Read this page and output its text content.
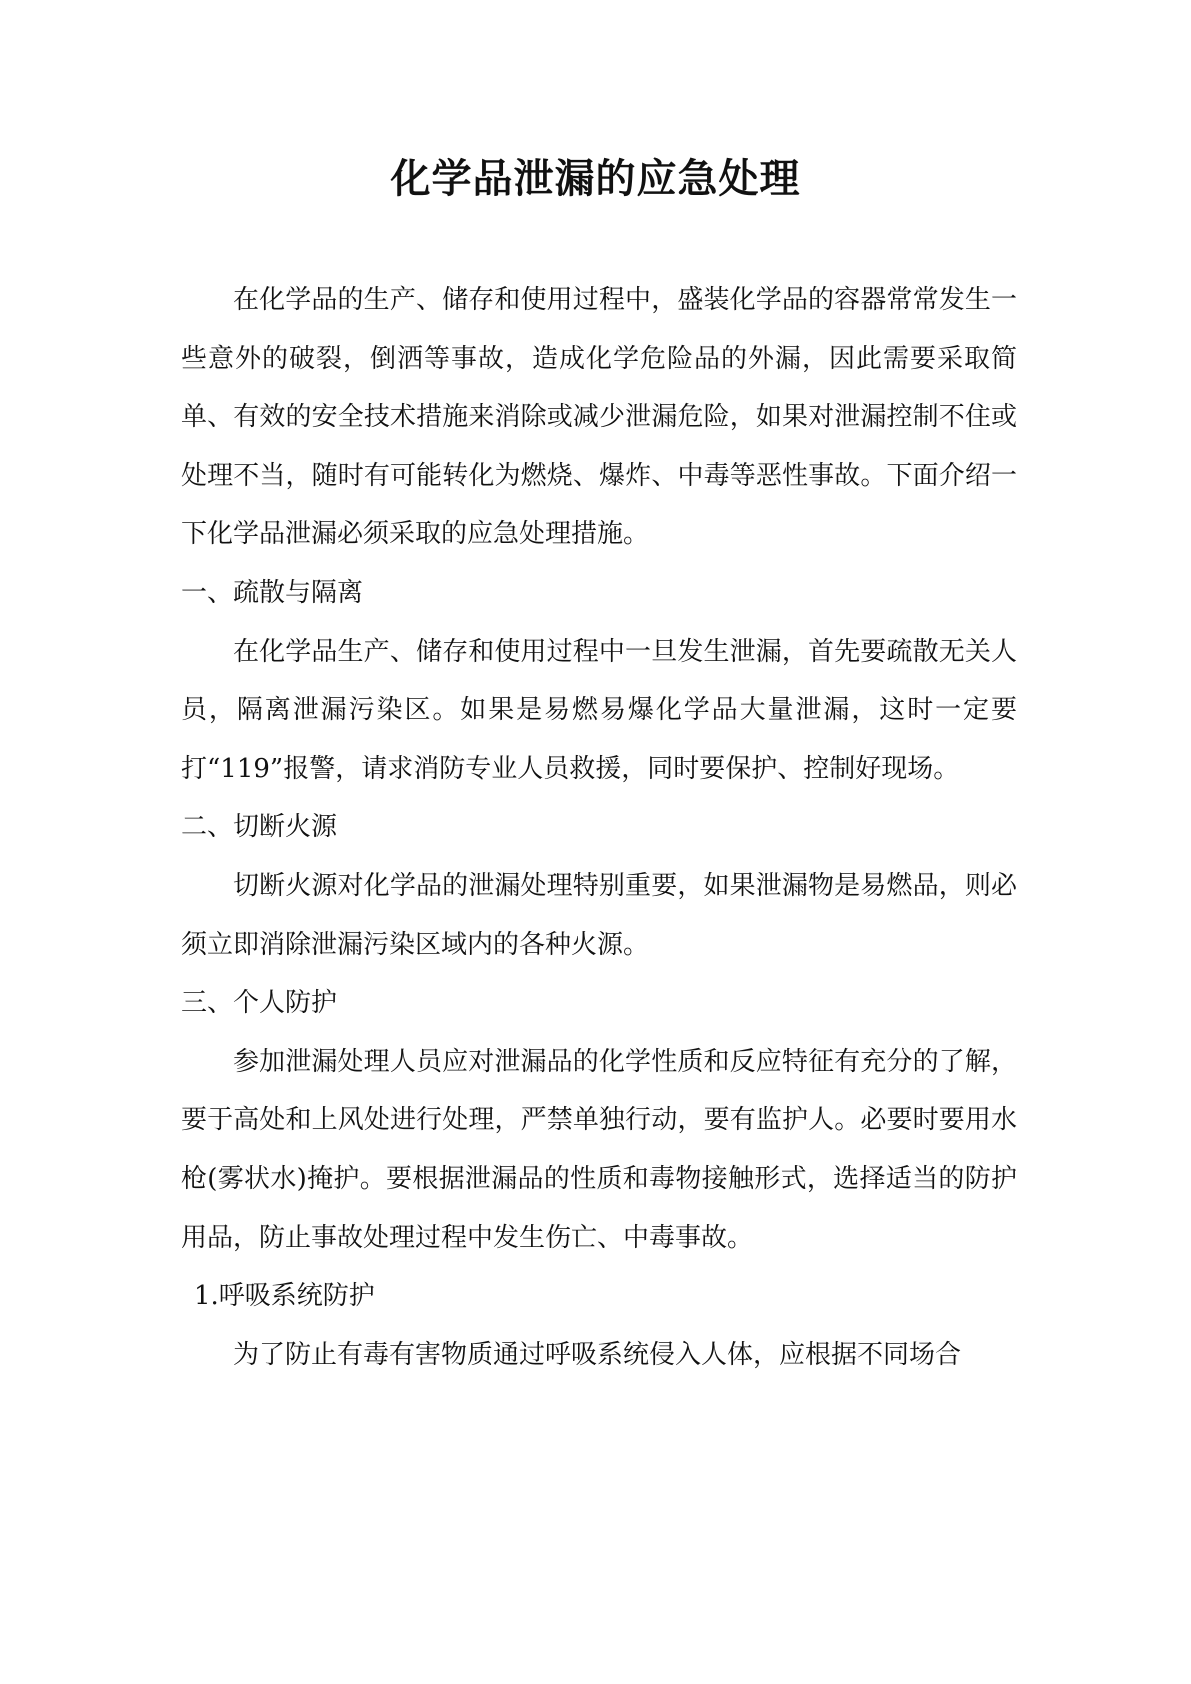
化学品泄漏的应急处理

在化学品的生产、储存和使用过程中，盛装化学品的容器常常发生一些意外的破裂，倒洒等事故，造成化学危险品的外漏，因此需要采取简单、有效的安全技术措施来消除或减少泄漏危险，如果对泄漏控制不住或处理不当，随时有可能转化为燃烧、爆炸、中毒等恶性事故。下面介绍一下化学品泄漏必须采取的应急处理措施。

一、疏散与隔离

在化学品生产、储存和使用过程中一旦发生泄漏，首先要疏散无关人员，隔离泄漏污染区。如果是易燃易爆化学品大量泄漏，这时一定要打“119”报警，请求消防专业人员救援，同时要保护、控制好现场。

二、切断火源

切断火源对化学品的泄漏处理特别重要，如果泄漏物是易燃品，则必须立即消除泄漏污染区域内的各种火源。

三、个人防护

参加泄漏处理人员应对泄漏品的化学性质和反应特征有充分的了解，要于高处和上风处进行处理，严禁单独行动，要有监护人。必要时要用水枪(雾状水)掩护。要根据泄漏品的性质和毒物接触形式，选择适当的防护用品，防止事故处理过程中发生伤亡、中毒事故。

1.呼吸系统防护

为了防止有毒有害物质通过呼吸系统侵入人体，应根据不同场合
